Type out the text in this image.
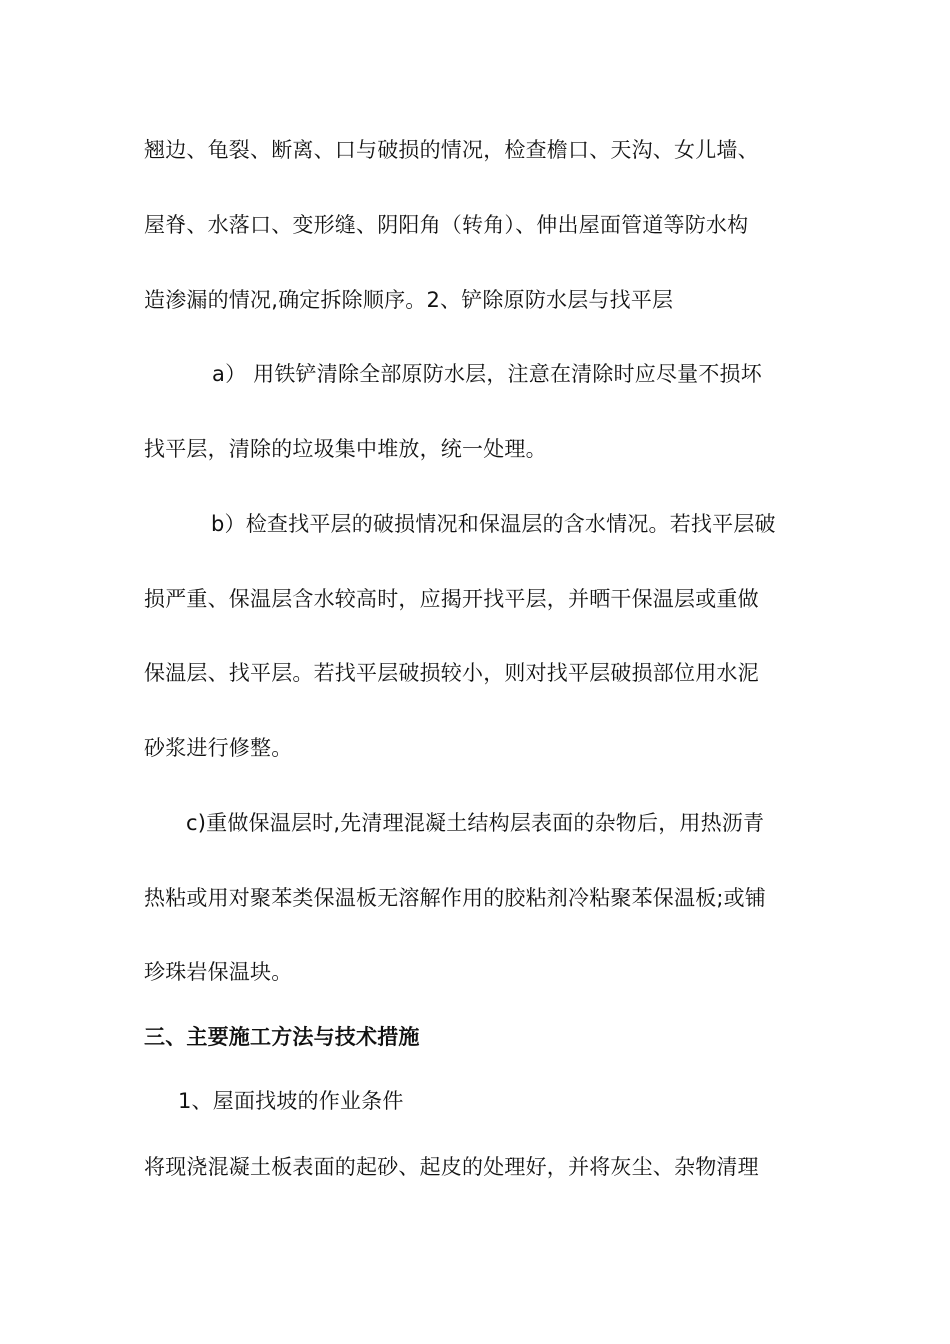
翘边、龟裂、断离、口与破损的情况，检查檐口、天沟、女儿墙、
屋脊、水落口、变形缝、阴阳角（转角）、伸出屋面管道等防水构
造渗漏的情况,确定拆除顺序。2、铲除原防水层与找平层
a） 用铁铲清除全部原防水层，注意在清除时应尽量不损坏
找平层，清除的垃圾集中堆放，统一处理。
b）检查找平层的破损情况和保温层的含水情况。若找平层破
损严重、保温层含水较高时，应揭开找平层，并晒干保温层或重做
保温层、找平层。若找平层破损较小，则对找平层破损部位用水泥
砂浆进行修整。
c)重做保温层时,先清理混凝土结构层表面的杂物后，用热沥青
热粘或用对聚苯类保温板无溶解作用的胶粘剂冷粘聚苯保温板;或铺
珍珠岩保温块。
三、主要施工方法与技术措施
1、屋面找坡的作业条件
将现浇混凝土板表面的起砂、起皮的处理好，并将灰尘、杂物清理
